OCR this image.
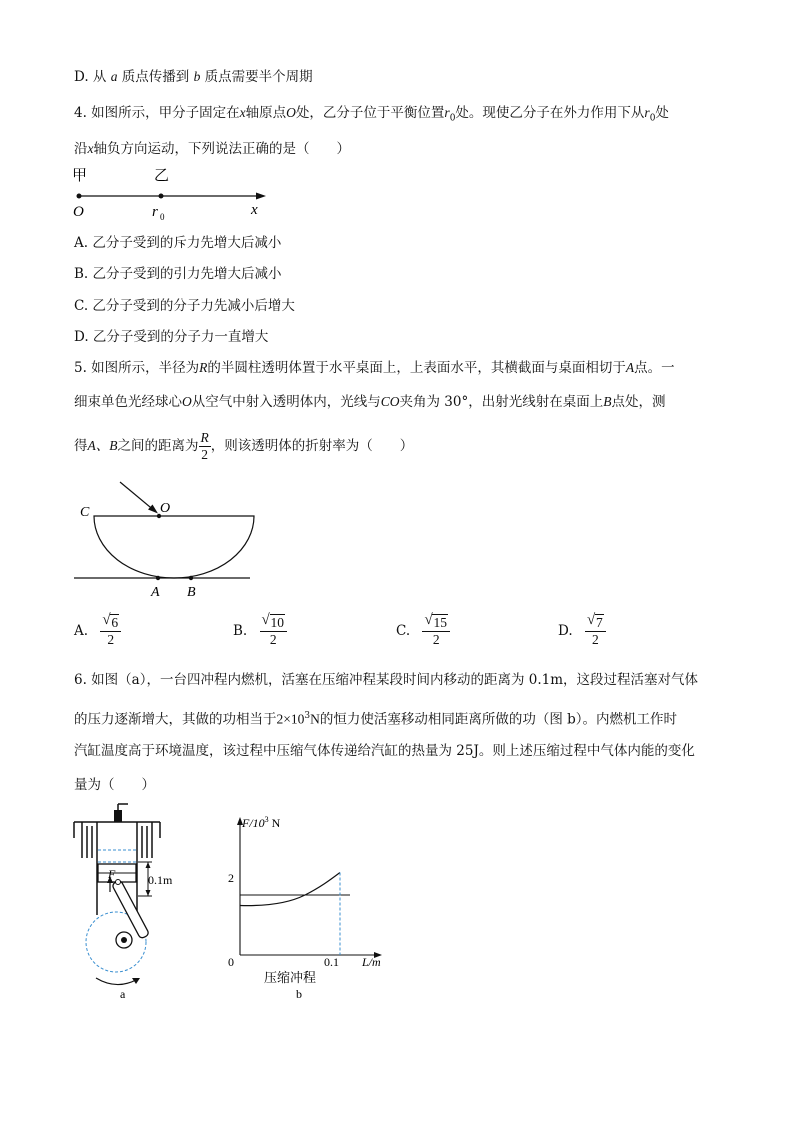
D. 从 a 质点传播到 b 质点需要半个周期
4. 如图所示，甲分子固定在x轴原点O处，乙分子位于平衡位置$r_0$处。现使乙分子在外力作用下从$r_0$处
沿x轴负方向运动，下列说法正确的是（　　）
甲	乙
O	r 0	x
A. 乙分子受到的斥力先增大后减小
B. 乙分子受到的引力先增大后减小
C. 乙分子受到的分子力先减小后增大
D. 乙分子受到的分子力一直增大
5. 如图所示，半径为R的半圆柱透明体置于水平桌面上，上表面水平，其横截面与桌面相切于A点。一
细束单色光经球心O从空气中射入透明体内，光线与CO夹角为 30°，出射光线射在桌面上B点处，测
得A、B之间的距离为 $\frac{R}{2}$ ，则该透明体的折射率为（　　）
C	O
A B
A. $\frac{√ 6}{2}$	B. $\frac{√ 10}{2}$	C. $\frac{√ 15}{2}$	D. $\frac{√ 7}{2}$
6. 如图（a），一台四冲程内燃机，活塞在压缩冲程某段时间内移动的距离为 0.1m，这段过程活塞对气体
的压力逐渐增大，其做的功相当于$2\times 10^3N$的恒力使活塞移动相同距离所做的功（图 b）。内燃机工作时
汽缸温度高于环境温度，该过程中压缩气体传递给汽缸的热量为 25J。则上述压缩过程中气体内能的变化
量为（　　）
F	0.1m
a
$F/10^3$ N
2
0	0.1 L/m
压缩冲程
b
